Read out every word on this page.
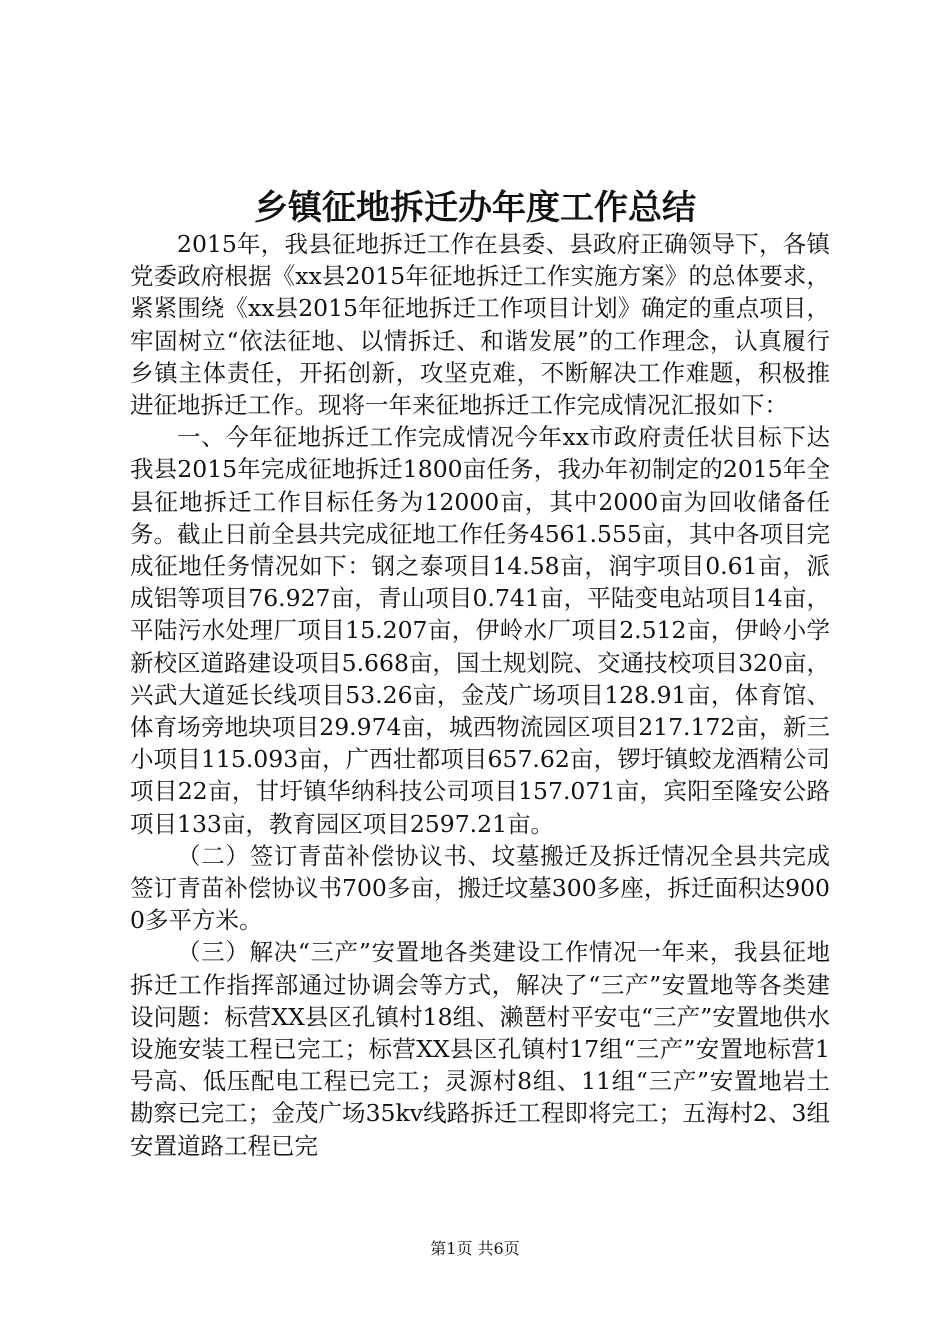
乡镇征地拆迁办年度工作总结

2015年，我县征地拆迁工作在县委、县政府正确领导下，各镇党委政府根据《xx县2015年征地拆迁工作实施方案》的总体要求，紧紧围绕《xx县2015年征地拆迁工作项目计划》确定的重点项目，牢固树立“依法征地、以情拆迁、和谐发展”的工作理念，认真履行乡镇主体责任，开拓创新，攻坚克难，不断解决工作难题，积极推进征地拆迁工作。现将一年来征地拆迁工作完成情况汇报如下：

一、今年征地拆迁工作完成情况今年xx市政府责任状目标下达我县2015年完成征地拆迁1800亩任务，我办年初制定的2015年全县征地拆迁工作目标任务为12000亩，其中2000亩为回收储备任务。截止日前全县共完成征地工作任务4561.555亩，其中各项目完成征地任务情况如下：钢之泰项目14.58亩，润宇项目0.61亩，派成铝等项目76.927亩，青山项目0.741亩，平陆变电站项目14亩，平陆污水处理厂项目15.207亩，伊岭水厂项目2.512亩，伊岭小学新校区道路建设项目5.668亩，国土规划院、交通技校项目320亩，兴武大道延长线项目53.26亩，金茂广场项目128.91亩，体育馆、体育场旁地块项目29.974亩，城西物流园区项目217.172亩，新三小项目115.093亩，广西壮都项目657.62亩，锣圩镇蛟龙酒精公司项目22亩，甘圩镇华纳科技公司项目157.071亩，宾阳至隆安公路项目133亩，教育园区项目2597.21亩。

（二）签订青苗补偿协议书、坟墓搬迁及拆迁情况全县共完成签订青苗补偿协议书700多亩，搬迁坟墓300多座，拆迁面积达9000多平方米。

（三）解决“三产”安置地各类建设工作情况一年来，我县征地拆迁工作指挥部通过协调会等方式，解决了“三产”安置地等各类建设问题：标营XX县区孔镇村18组、濑琶村平安屯“三产”安置地供水设施安装工程已完工；标营XX县区孔镇村17组“三产”安置地标营1号高、低压配电工程已完工；灵源村8组、11组“三产”安置地岩土勘察已完工；金茂广场35kv线路拆迁工程即将完工；五海村2、3组安置道路工程已完

第1页 共6页
